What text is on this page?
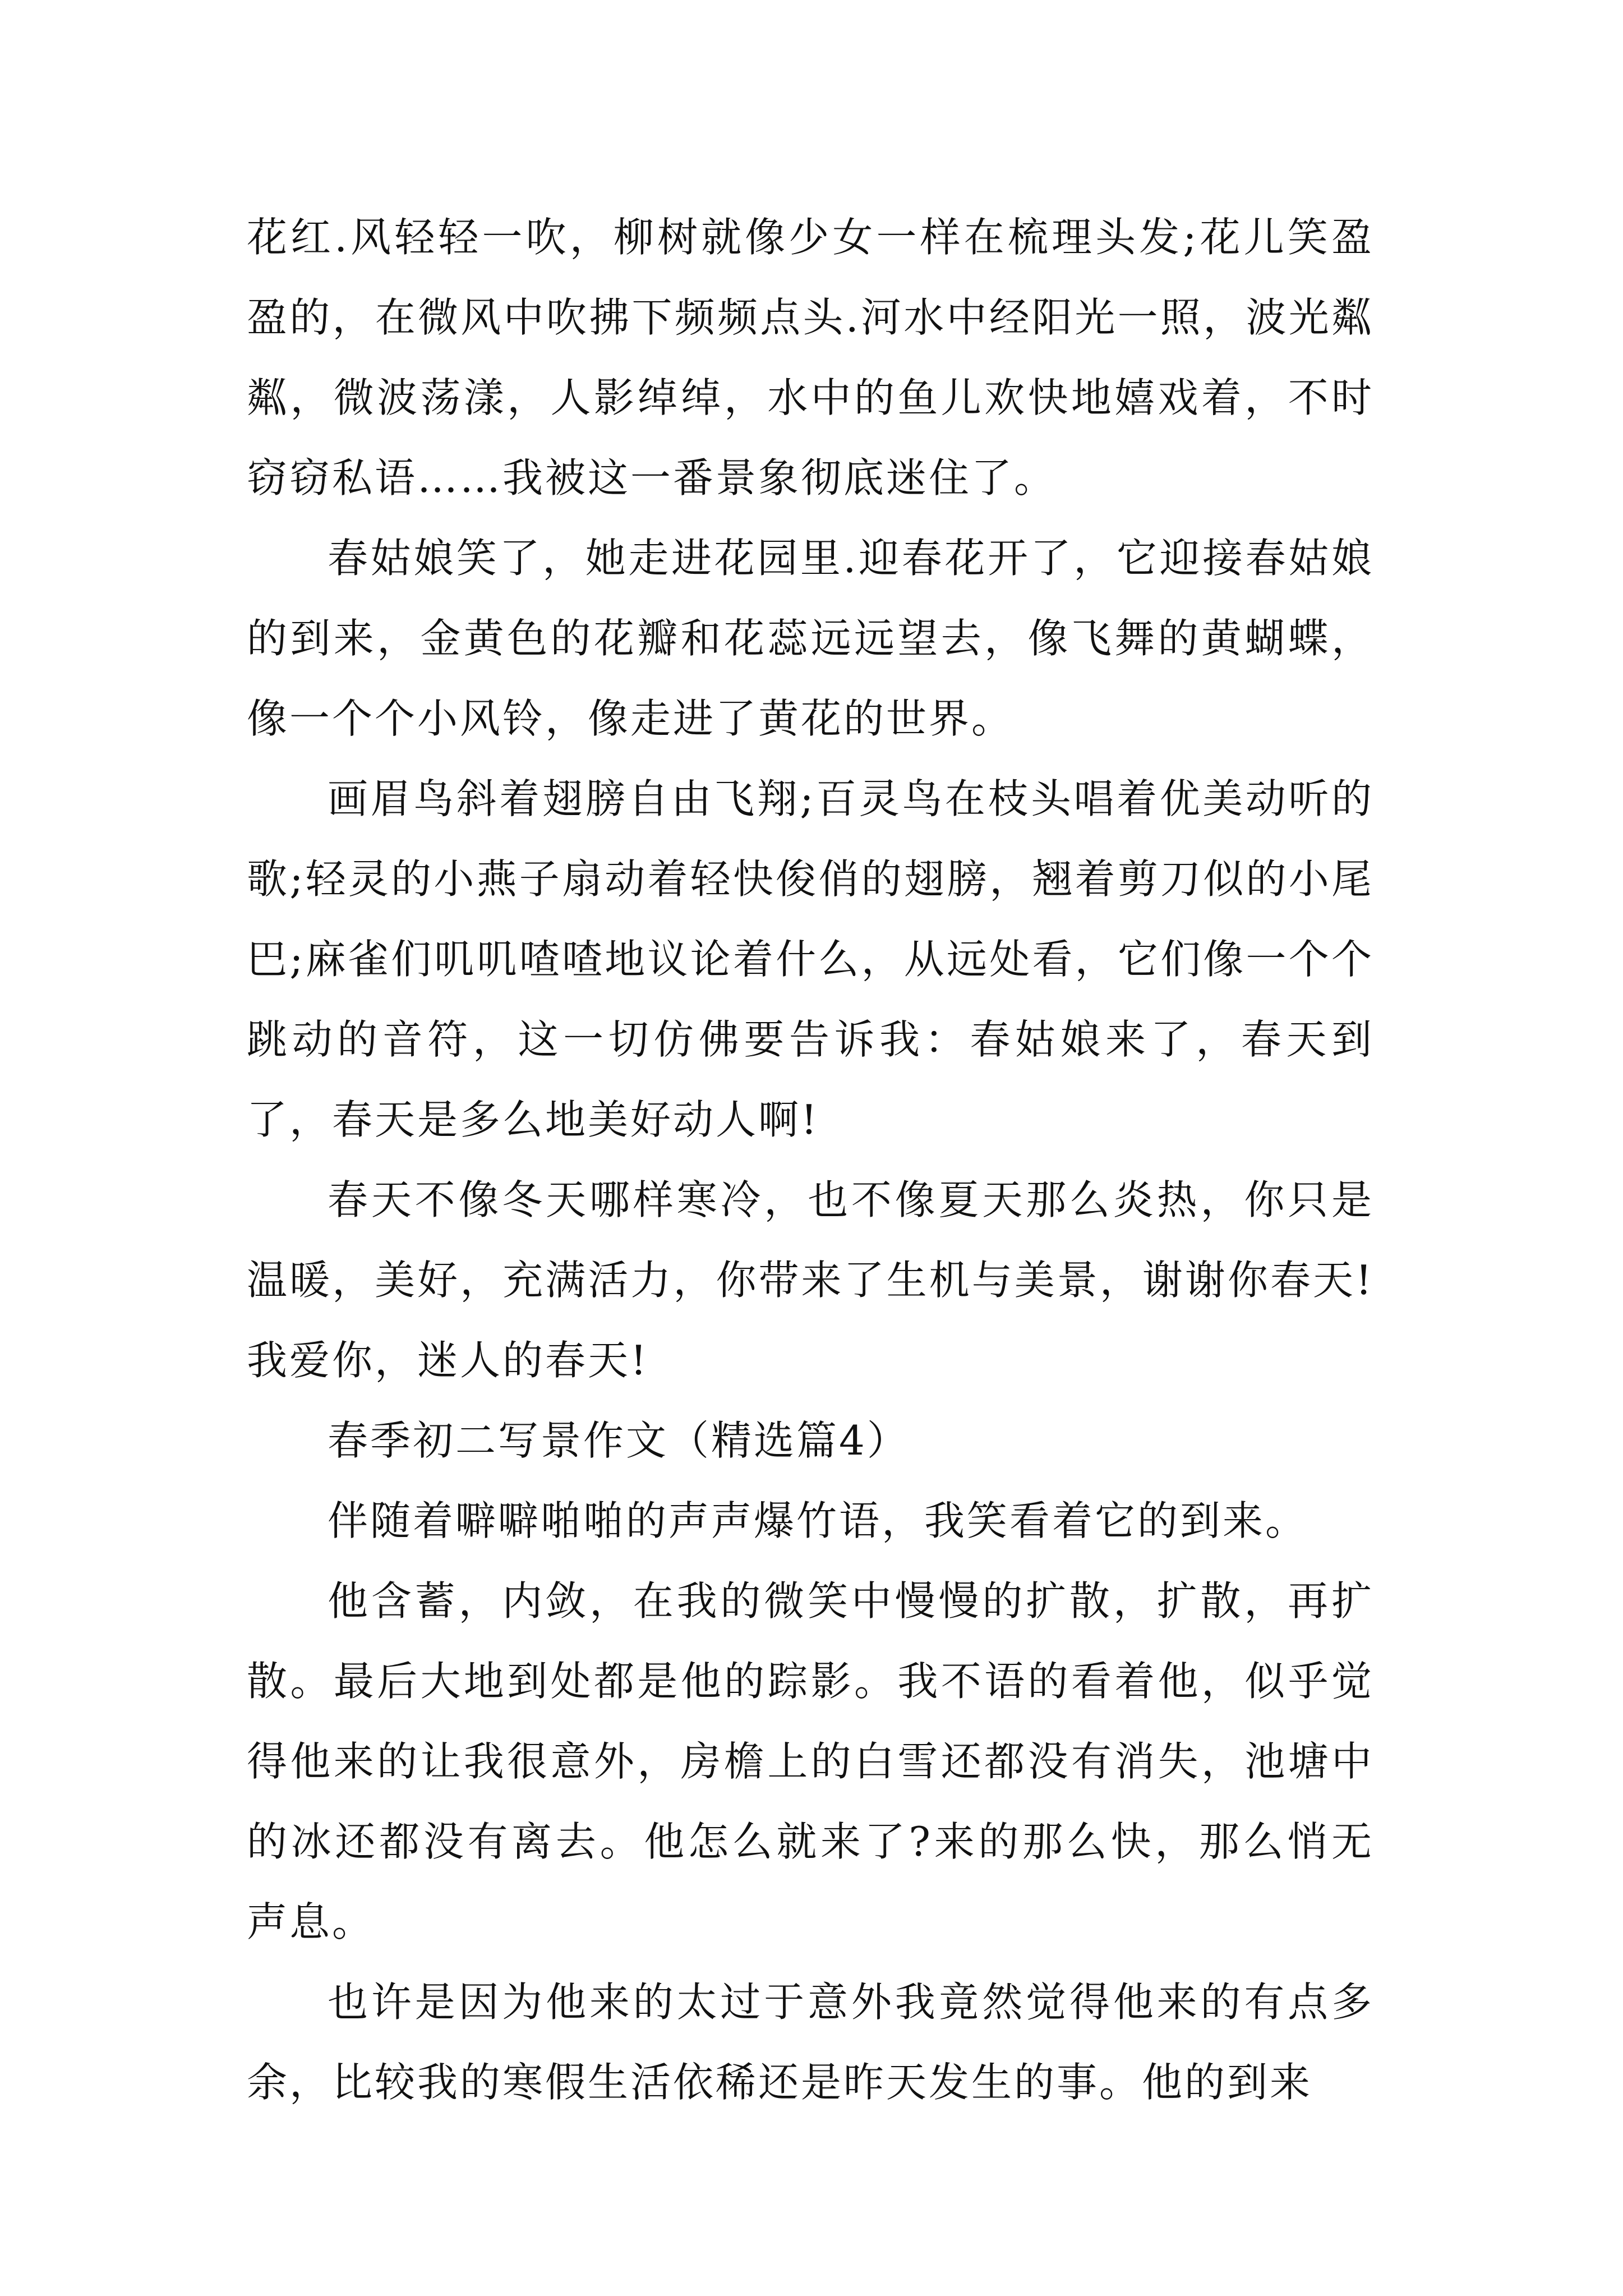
花红.风轻轻一吹，柳树就像少女一样在梳理头发;花儿笑盈盈的，在微风中吹拂下频频点头.河水中经阳光一照，波光粼粼，微波荡漾，人影绰绰，水中的鱼儿欢快地嬉戏着，不时窃窃私语……我被这一番景象彻底迷住了。

春姑娘笑了，她走进花园里.迎春花开了，它迎接春姑娘的到来，金黄色的花瓣和花蕊远远望去，像飞舞的黄蝴蝶，像一个个小风铃，像走进了黄花的世界。

画眉鸟斜着翅膀自由飞翔;百灵鸟在枝头唱着优美动听的歌;轻灵的小燕子扇动着轻快俊俏的翅膀，翘着剪刀似的小尾巴;麻雀们叽叽喳喳地议论着什么，从远处看，它们像一个个跳动的音符，这一切仿佛要告诉我：春姑娘来了，春天到了，春天是多么地美好动人啊!

春天不像冬天哪样寒冷，也不像夏天那么炎热，你只是温暖，美好，充满活力，你带来了生机与美景，谢谢你春天!我爱你，迷人的春天!

春季初二写景作文（精选篇4）

伴随着噼噼啪啪的声声爆竹语，我笑看着它的到来。

他含蓄，内敛，在我的微笑中慢慢的扩散，扩散，再扩散。最后大地到处都是他的踪影。我不语的看着他，似乎觉得他来的让我很意外，房檐上的白雪还都没有消失，池塘中的冰还都没有离去。他怎么就来了?来的那么快，那么悄无声息。

也许是因为他来的太过于意外我竟然觉得他来的有点多余，比较我的寒假生活依稀还是昨天发生的事。他的到来
